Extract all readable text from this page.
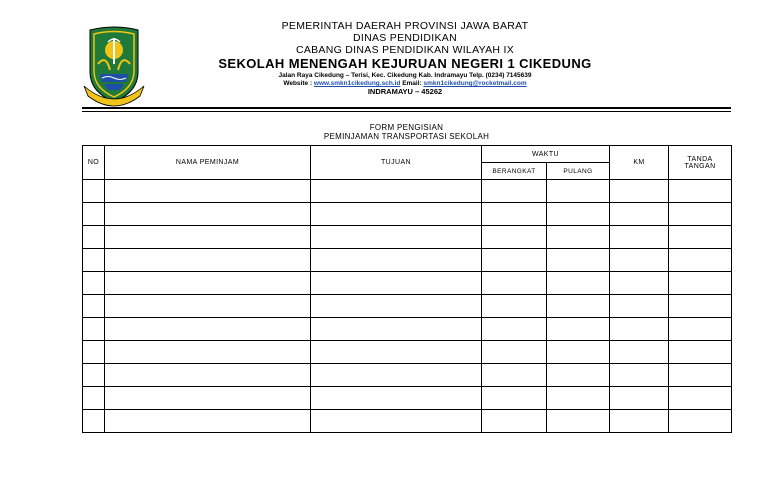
PEMERINTAH DAERAH PROVINSI JAWA BARAT
DINAS PENDIDIKAN
CABANG DINAS PENDIDIKAN WILAYAH IX
SEKOLAH MENENGAH KEJURUAN NEGERI 1 CIKEDUNG
Jalan Raya Cikedung – Terisi, Kec. Cikedung Kab. Indramayu Telp. (0234) 7145639
Website : www.smkn1cikedung.sch.id Email: smkn1cikedung@rocketmail.com
INDRAMAYU – 45262
FORM PENGISIAN
PEMINJAMAN TRANSPORTASI SEKOLAH
NO	NAMA PEMINJAM	TUJUAN	WAKTU		KM	TANDA
TANGAN

			BERANGKAT	PULANG		
